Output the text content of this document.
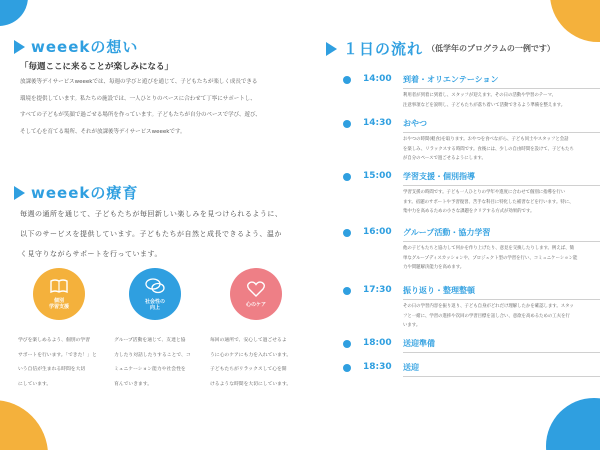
weeekの想い
「毎週ここに来ることが楽しみになる」
放課後等デイサービスweeekでは、毎週の学びと遊びを通じて、子どもたちが楽しく成長できる
環境を提供しています。私たちの施設では、一人ひとりのペースに合わせて丁寧にサポートし、
すべての子どもが笑顔で過ごせる場所を作っています。子どもたちが自分のペースで学び、遊び、
そして心を育てる場所、それが放課後等デイサービスweeekです。
weeekの療育
毎週の通所を通じて、子どもたちが毎回新しい楽しみを見つけられるように、
以下のサービスを提供しています。子どもたちが自然と成長できるよう、温か
く見守りながらサポートを行っています。
個別
学習支援
学びを楽しめるよう、個別の学習
サポートを行います。「できた！」と
いう自信が生まれる時間を大切
にしています。
社会性の
向上
グループ活動を通じて、友達と協
力したり対話したりすることで、コ
ミュニケーション能力や社会性を
育んでいきます。
心のケア
毎回の通所で、安心して過ごせるよ
うに心のケアにも力を入れています。
子どもたちがリラックスして心を開
けるような時間を大切にしています。
１日の流れ （低学年のプログラムの一例です）
14:00	到着・オリエンテーション
利用者が到着に到着し、スタッフが迎えます。その日の活動や学習のテーマ、
注意事項などを説明し、子どもたちが落ち着いて活動できるよう準備を整えます。
14:30	おやつ
おやつの時間(軽食)を取ります。おやつを食べながら、子ども同士やスタッフと会話
を楽しみ、リラックスする時間です。食後には、少しの自由時間を設けて、子どもたち
が自分のペースで過ごせるようにします。
15:00	学習支援・個別指導
学習支援の時間です。子ども一人ひとりの学年や進度に合わせて個別に指導を行い
ます。宿題のサポートや予習復習、苦手な科目に特化した補習などを行います。特に、
集中力を高めるための小さな課題をクリアする方式が効果的です。
16:00	グループ活動・協力学習
他の子どもたちと協力して何かを作り上げたり、意見を交換したりします。例えば、簡
単なグループディスカッションや、プロジェクト型の学習を行い、コミュニケーション能
力や問題解決能力を高めます。
17:30	振り返り・整理整頓
その日の学習内容を振り返り、子ども自身がどれだけ理解したかを確認します。スタッ
フと一緒に、学習の進捗や次回の学習目標を話し合い、意欲を高めるための工夫を行
います。
18:00	送迎準備
18:30	送迎
